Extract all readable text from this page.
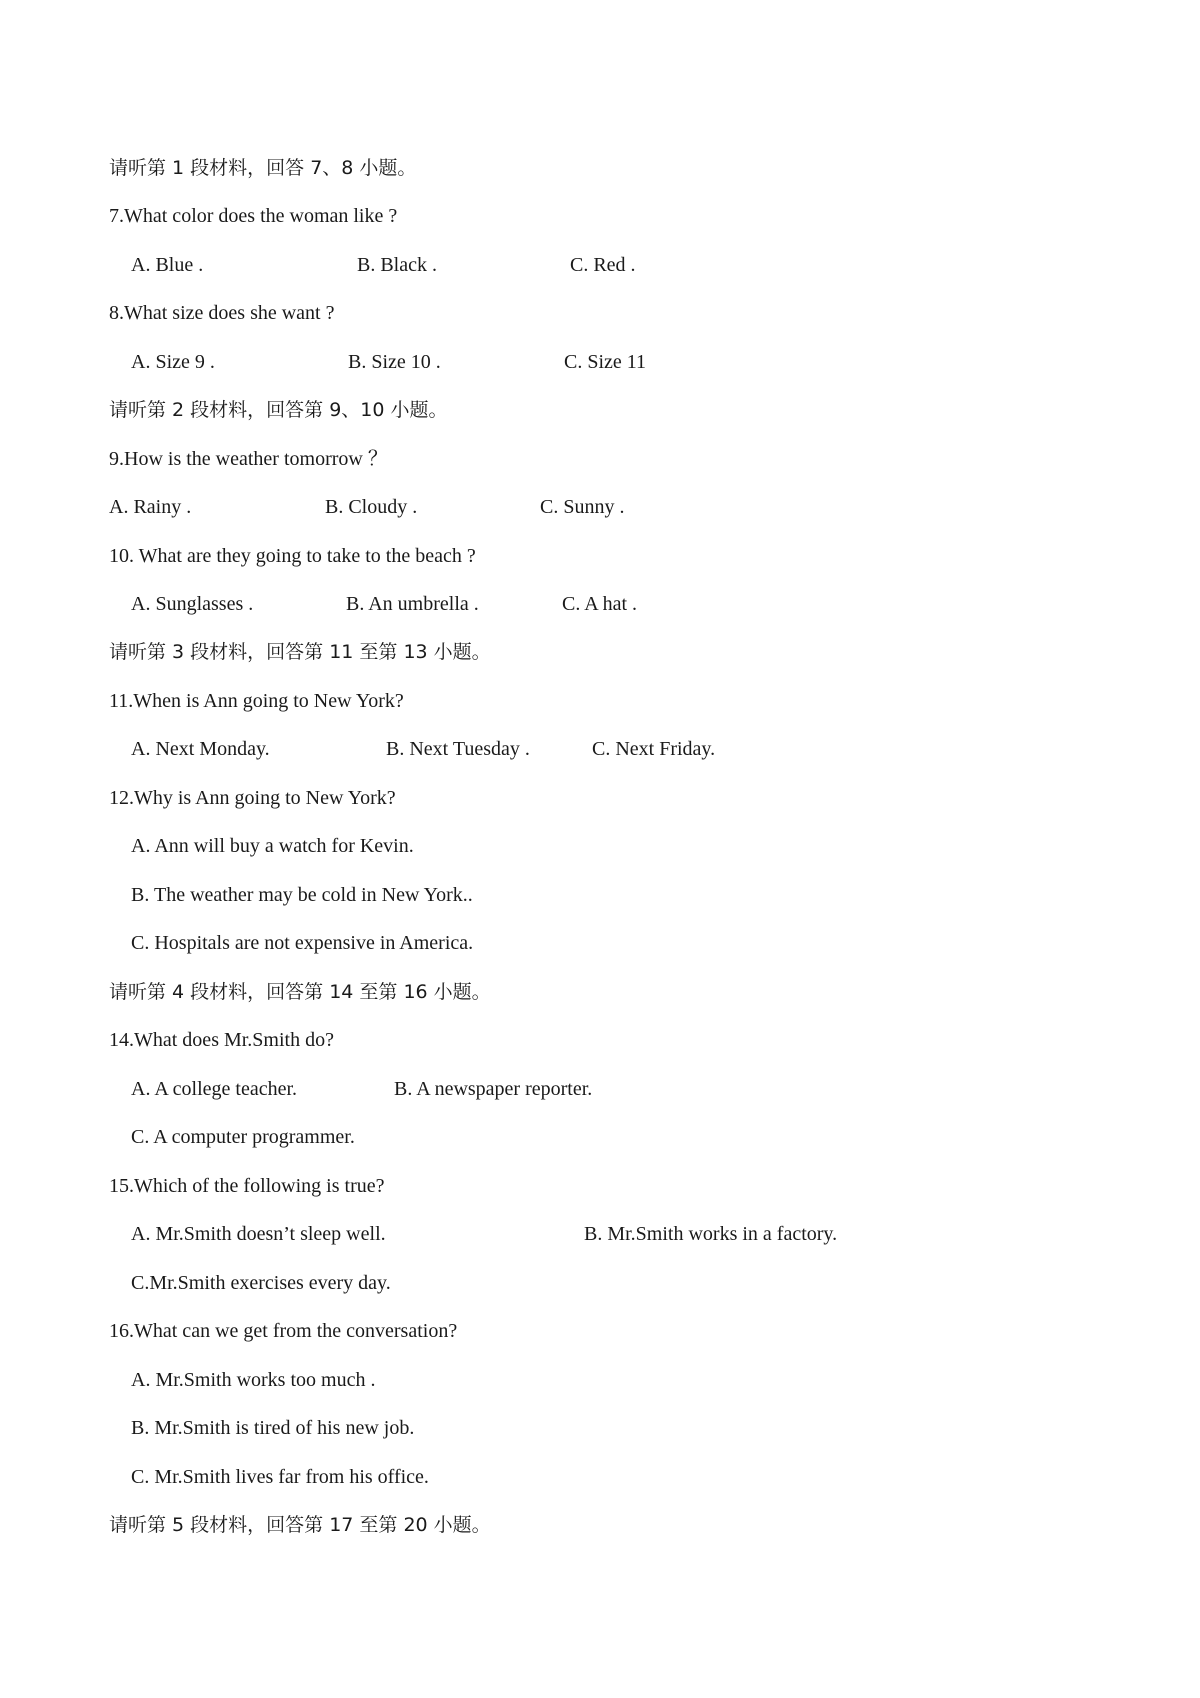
请听第 1 段材料，回答 7、8 小题。
7.What color does the woman like ?
A. Blue .	B. Black .	C. Red .
8.What size does she want ?
A. Size 9 .	B. Size 10 .	C. Size 11
请听第 2 段材料，回答第 9、10 小题。
9.How is the weather tomorrow ？
A. Rainy .	B. Cloudy .	C. Sunny .
10. What are they going to take to the beach ?
A. Sunglasses .	B. An umbrella .	C. A hat .
请听第 3 段材料，回答第 11 至第 13 小题。
11.When is Ann going to New York?
A. Next Monday.	B. Next Tuesday .	C. Next Friday.
12.Why is Ann going to New York?
A. Ann will buy a watch for Kevin.
B. The weather may be cold in New York..
C. Hospitals are not expensive in America.
请听第 4 段材料，回答第 14 至第 16 小题。
14.What does Mr.Smith do?
A. A college teacher.	B. A newspaper reporter.
C. A computer programmer.
15.Which of the following is true?
A. Mr.Smith doesn’t sleep well.	B. Mr.Smith works in a factory.
C.Mr.Smith exercises every day.
16.What can we get from the conversation?
A. Mr.Smith works too much .
B. Mr.Smith is tired of his new job.
C. Mr.Smith lives far from his office.
请听第 5 段材料，回答第 17 至第 20 小题。
